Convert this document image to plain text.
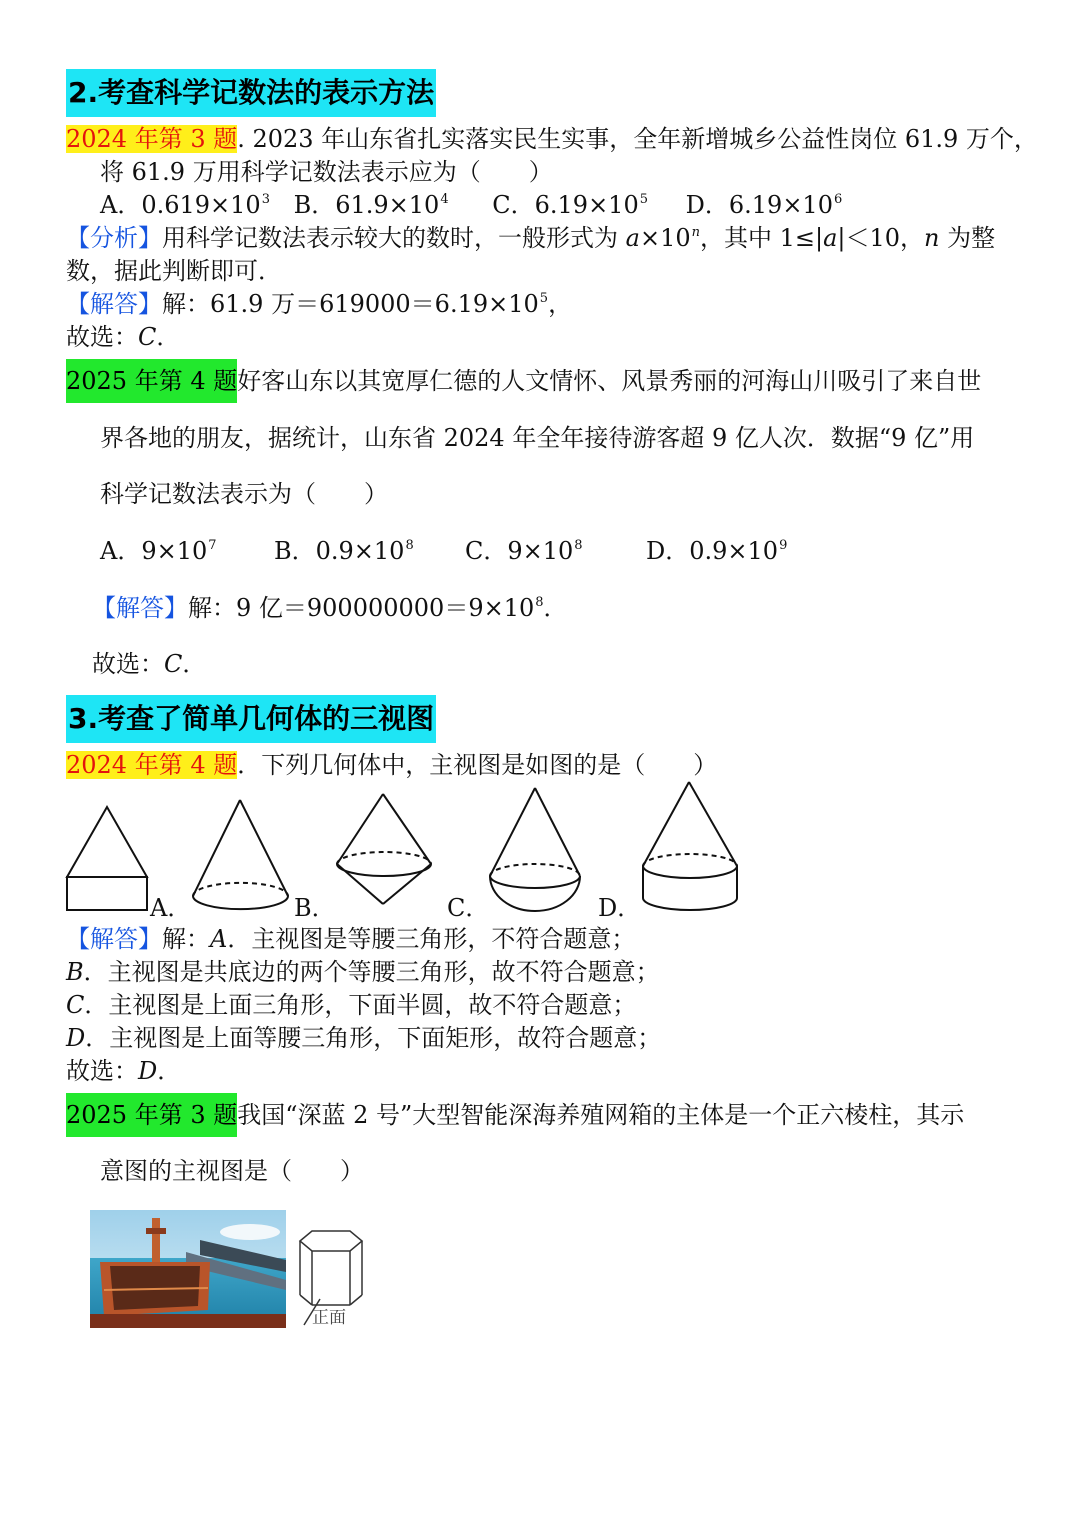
2.考查科学记数法的表示方法
2024 年第 3 题. 2023 年山东省扎实落实民生实事，全年新增城乡公益性岗位 61.9 万个，
将 61.9 万用科学记数法表示应为（　　）
A．$0.619\times 10^3$ B．$61.9\times 10^4$ C．$6.19\times 10^5$ D．$6.19\times 10^6$
【分析】用科学记数法表示较大的数时，一般形式为 $a\times 10^n$，其中 1≤|a|＜10，n 为整
数，据此判断即可．
【解答】解：61.9 万$=619000=6.19\times 10^5$，
故选：C．
2025 年第 4 题好客山东以其宽厚仁德的人文情怀、风景秀丽的河海山川吸引了来自世
界各地的朋友，据统计，山东省 2024 年全年接待游客超 9 亿人次．数据“9 亿”用
科学记数法表示为（　　）
A．$9\times 10^7$ B．$0.9\times 10^8$ C．$9\times 10^8$	D．$0.9\times 10^9$
【解答】解：9 亿$=900000000=9\times 10^8$．
故选：C．
3.考查了简单几何体的三视图
2024 年第 4 题．下列几何体中，主视图是如图的是（　　）
A．	B．	C．	D．
【解答】解：A．主视图是等腰三角形，不符合题意；
B．主视图是共底边的两个等腰三角形，故不符合题意；
C．主视图是上面三角形，下面半圆，故不符合题意；
D．主视图是上面等腰三角形，下面矩形，故符合题意；
故选：D．
2025 年第 3 题我国“深蓝 2 号”大型智能深海养殖网箱的主体是一个正六棱柱，其示
意图的主视图是（　　）
正面
